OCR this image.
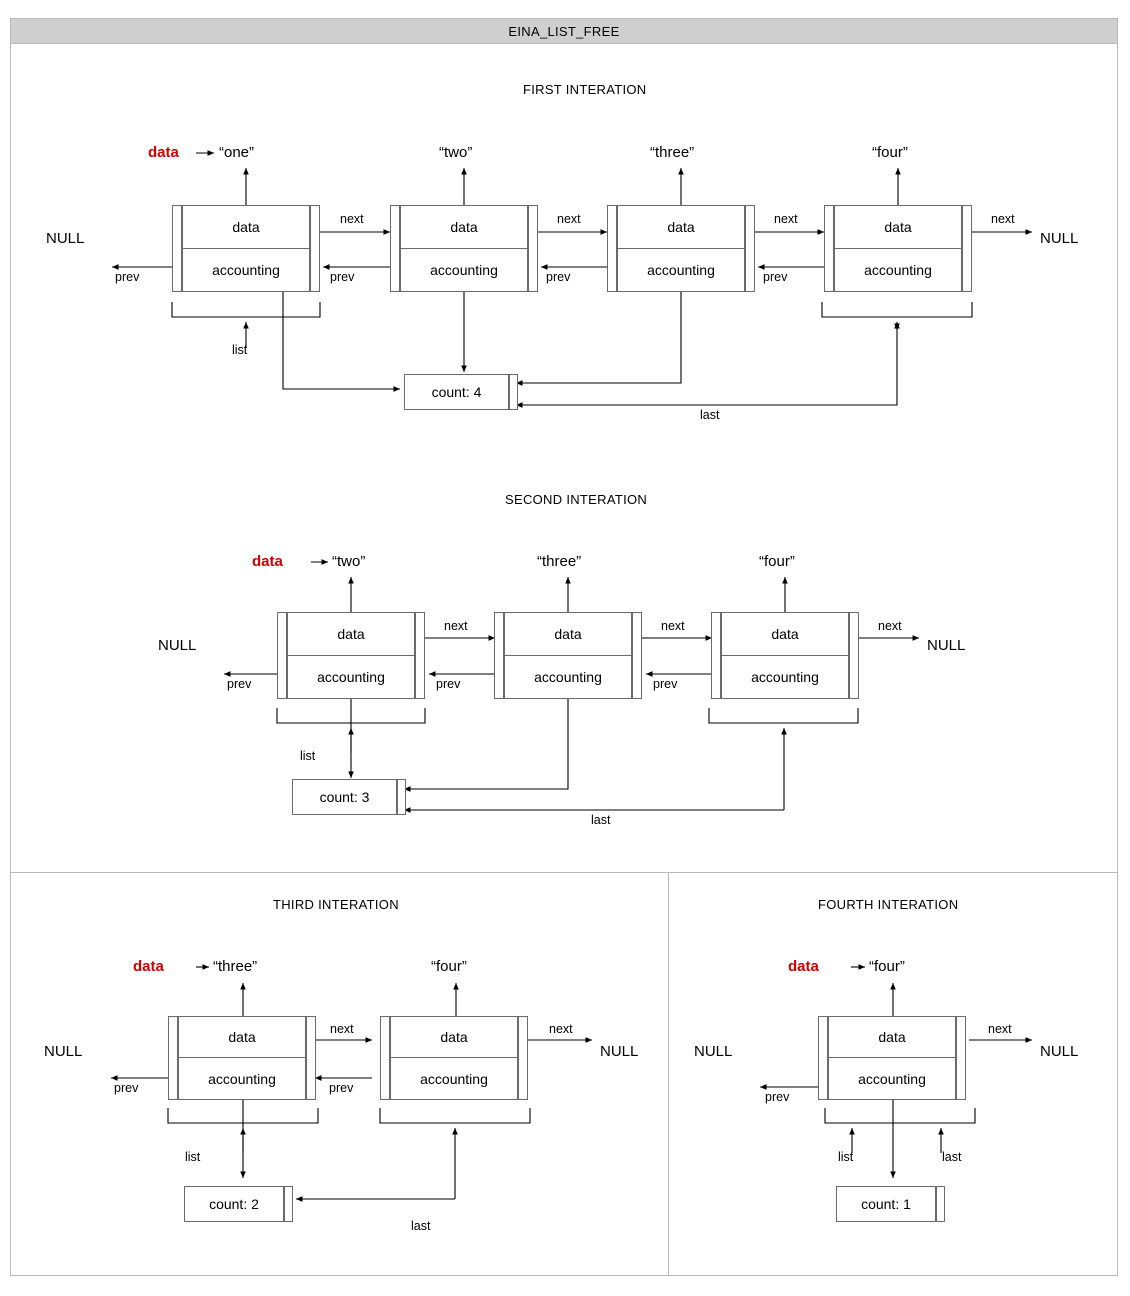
EINA_LIST_FREE
FIRST INTERATION
data	“one”	“two”	“three”	“four”
NULL	NULL
data
accounting
data
accounting
data
accounting
data
accounting
next	next	next	next
prev	prev	prev	prev
list
last
count: 4
SECOND INTERATION
data	“two”	“three”	“four”
NULL	NULL
data
accounting
data
accounting
data
accounting
next	next	next
prev	prev	prev
list
last
count: 3
THIRD INTERATION
data	“three”	“four”
NULL	NULL
data
accounting
data
accounting
next	next
prev	prev
list
last
count: 2
FOURTH INTERATION
data	“four”
NULL	NULL
data
accounting
next
prev
list	last
count: 1
